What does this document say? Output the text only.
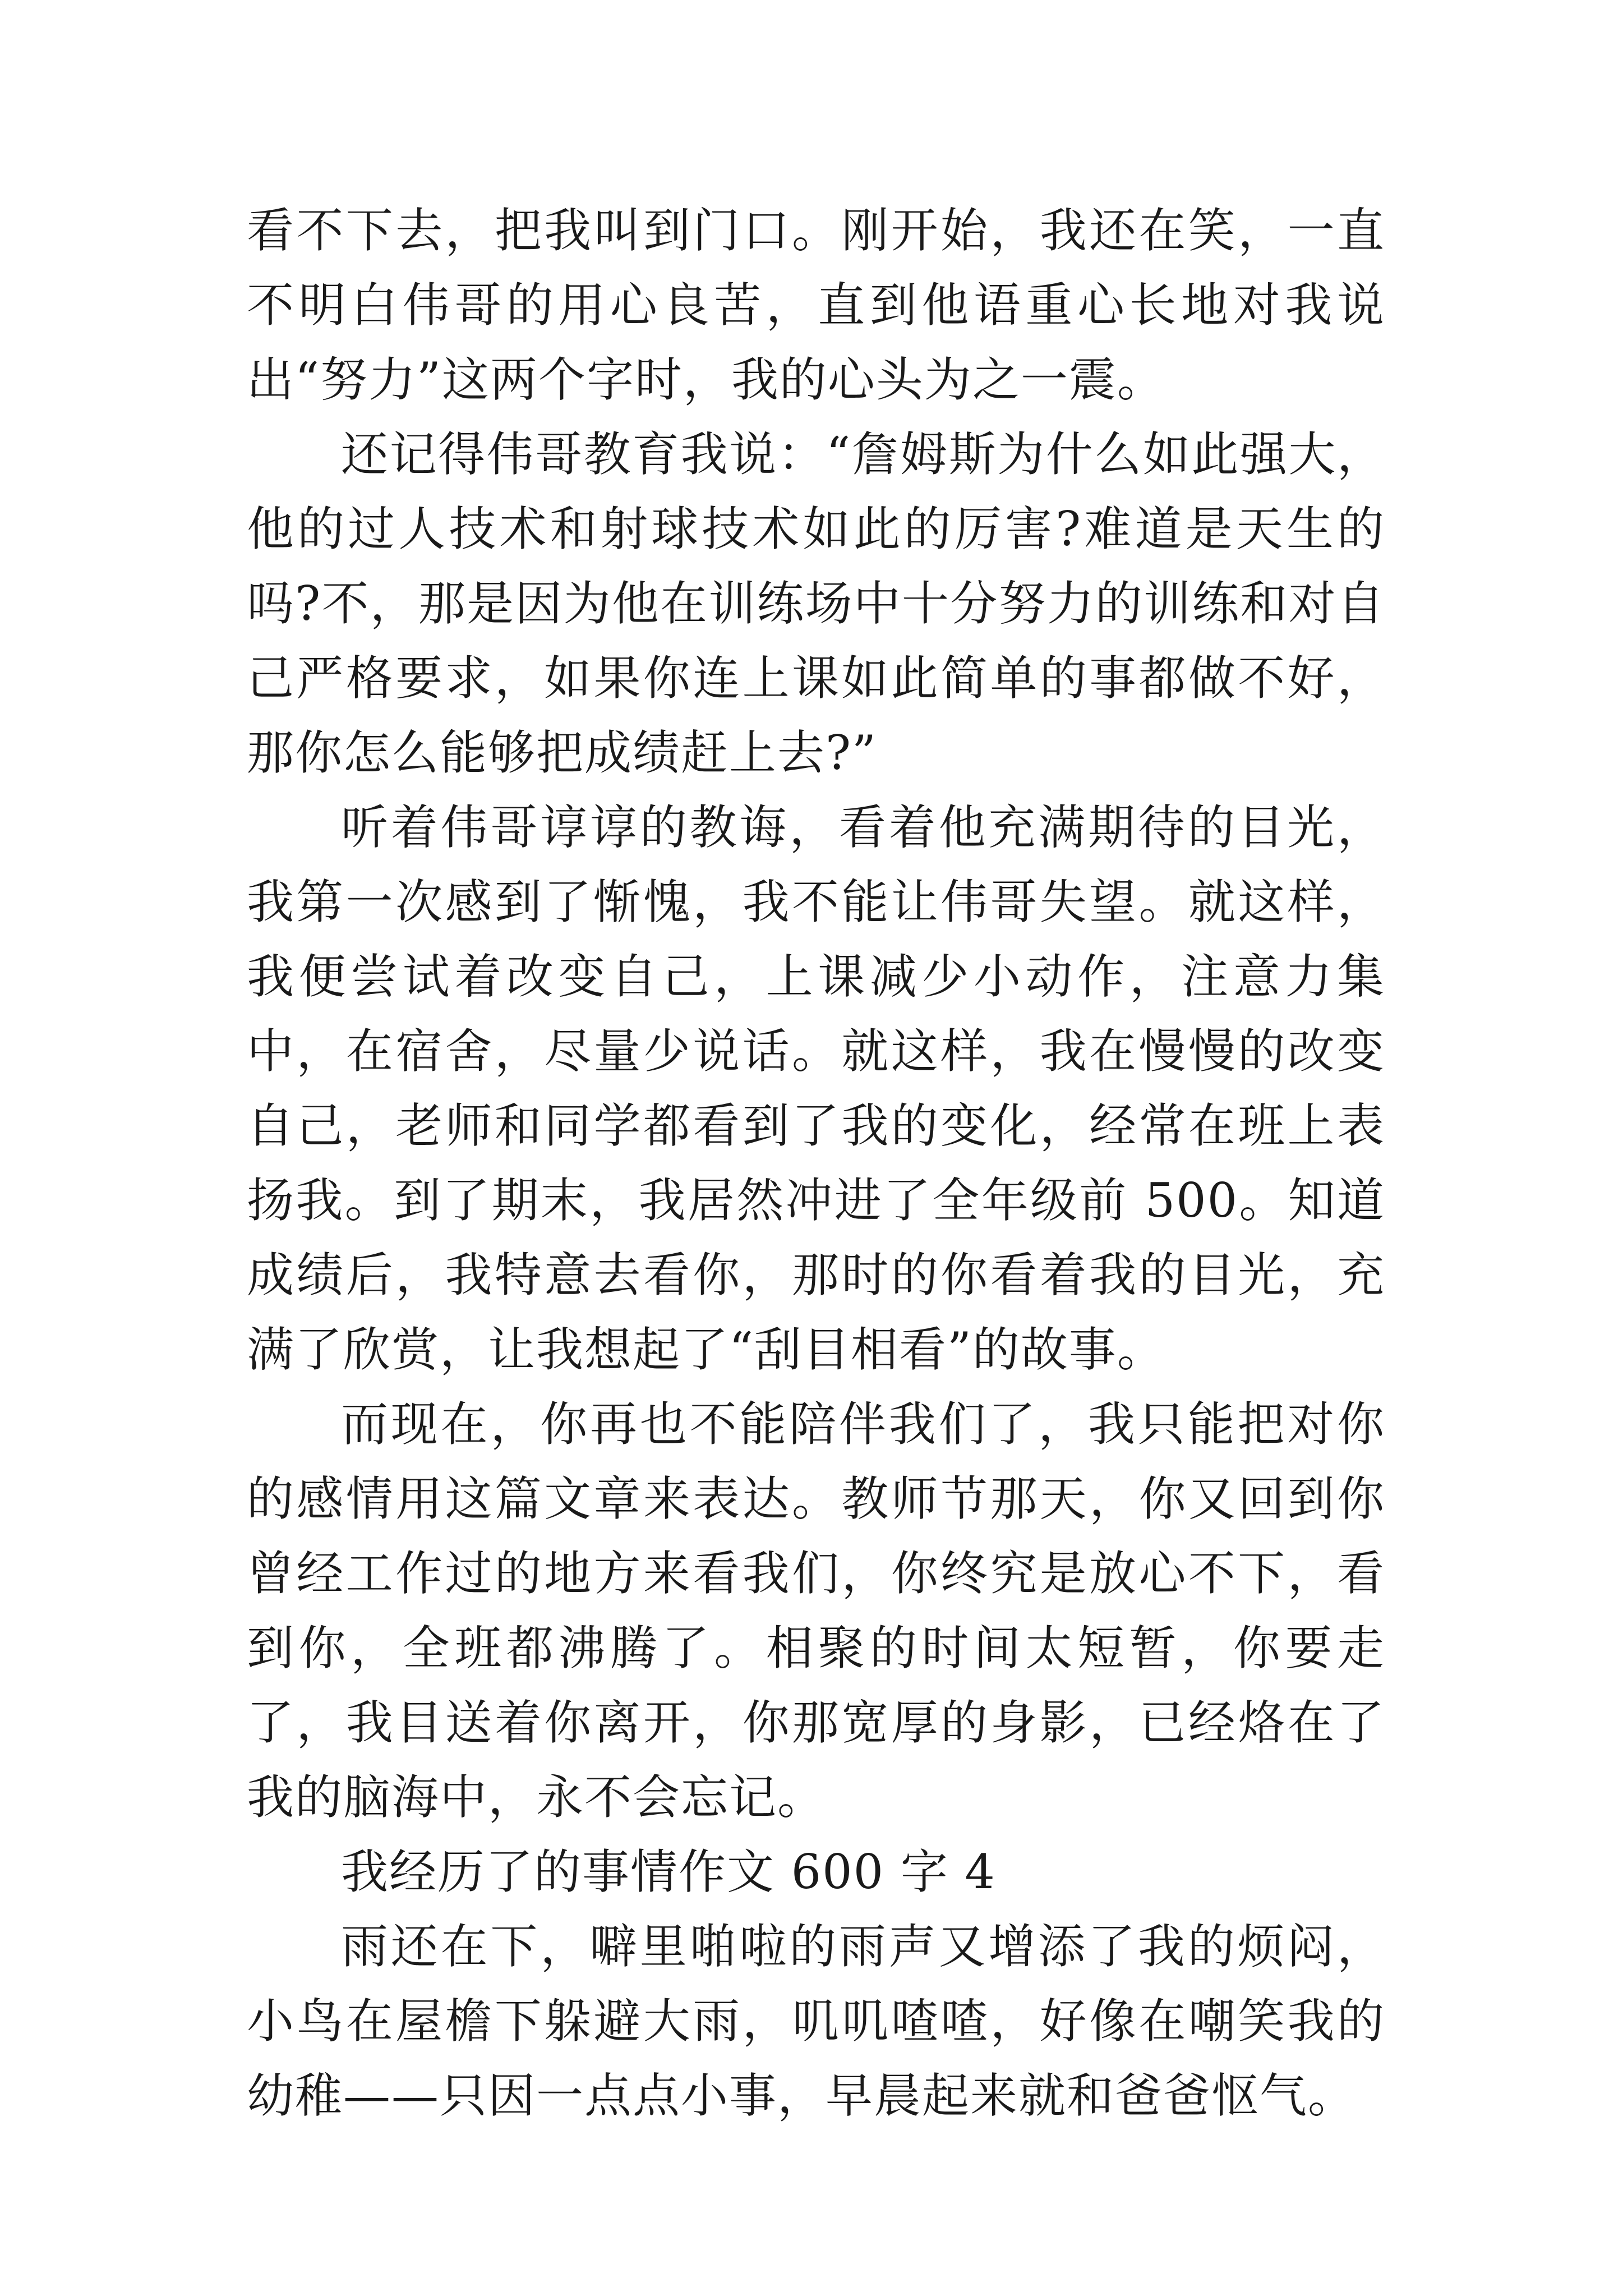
看不下去，把我叫到门口。刚开始，我还在笑，一直不明白伟哥的用心良苦，直到他语重心长地对我说出“努力”这两个字时，我的心头为之一震。

还记得伟哥教育我说：“詹姆斯为什么如此强大，他的过人技术和射球技术如此的厉害?难道是天生的吗?不，那是因为他在训练场中十分努力的训练和对自己严格要求，如果你连上课如此简单的事都做不好，那你怎么能够把成绩赶上去?”

听着伟哥谆谆的教诲，看着他充满期待的目光，我第一次感到了惭愧，我不能让伟哥失望。就这样，我便尝试着改变自己，上课减少小动作，注意力集中，在宿舍，尽量少说话。就这样，我在慢慢的改变自己，老师和同学都看到了我的变化，经常在班上表扬我。到了期末，我居然冲进了全年级前 500。知道成绩后，我特意去看你，那时的你看着我的目光，充满了欣赏，让我想起了“刮目相看”的故事。

而现在，你再也不能陪伴我们了，我只能把对你的感情用这篇文章来表达。教师节那天，你又回到你曾经工作过的地方来看我们，你终究是放心不下，看到你，全班都沸腾了。相聚的时间太短暂，你要走了，我目送着你离开，你那宽厚的身影，已经烙在了我的脑海中，永不会忘记。

我经历了的事情作文 600 字 4

雨还在下，噼里啪啦的雨声又增添了我的烦闷，小鸟在屋檐下躲避大雨，叽叽喳喳，好像在嘲笑我的幼稚——只因一点点小事，早晨起来就和爸爸怄气。
